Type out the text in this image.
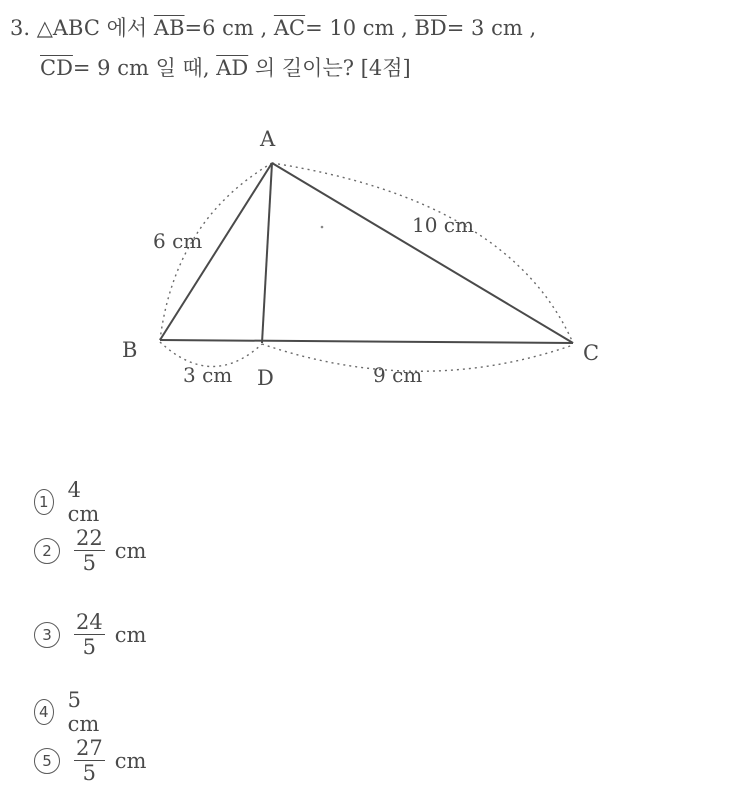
3. △ABC 에서 $\overline{AB}=6$ cm , $\overline{AC}= 10$ cm , $\overline{BD}= 3$ cm ,
$\overline{CD}= 9$ cm 일 때, $\overline{AD}$ 의 길이는? [4점]
A
B	C
D
6 cm
10 cm
3 cm	9 cm
1 4 cm
2	$\frac{22}{5}$ cm
3	$\frac{24}{5}$ cm
4 5 cm
5	$\frac{27}{5}$ cm
